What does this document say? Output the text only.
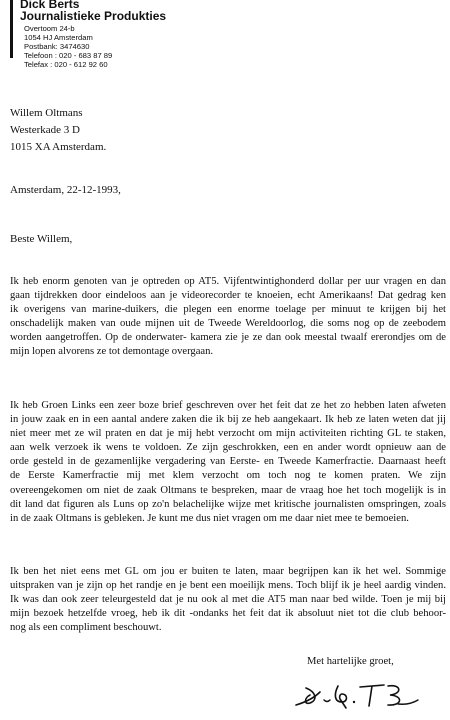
Dick Berts
Journalistieke Produkties
Overtoom 24-b
1054 HJ Amsterdam
Postbank: 3474630
Telefoon : 020 - 683 87 89
Telefax : 020 - 612 92 60
Willem Oltmans
Westerkade 3 D
1015 XA Amsterdam.
Amsterdam, 22-12-1993,
Beste Willem,
Ik heb enorm genoten van je optreden op AT5. Vijfentwintighonderd dollar per uur vragen en dan
gaan tijdrekken door eindeloos aan je videorecorder te knoeien, echt Amerikaans! Dat gedrag ken
ik overigens van marine-duikers, die plegen een enorme toelage per minuut te krijgen bij het
onschadelijk maken van oude mijnen uit de Tweede Wereldoorlog, die soms nog op de zeebodem
worden aangetroffen. Op de onderwater- kamera zie je ze dan ook meestal twaalf ererondjes om de
mijn lopen alvorens ze tot demontage overgaan.
Ik heb Groen Links een zeer boze brief geschreven over het feit dat ze het zo hebben laten afweten
in jouw zaak en in een aantal andere zaken die ik bij ze heb aangekaart. Ik heb ze laten weten dat jij
niet meer met ze wil praten en dat je mij hebt verzocht om mijn activiteiten richting GL te staken,
aan welk verzoek ik wens te voldoen. Ze zijn geschrokken, een en ander wordt opnieuw aan de
orde gesteld in de gezamenlijke vergadering van Eerste- en Tweede Kamerfractie. Daarnaast heeft
de Eerste Kamerfractie mij met klem verzocht om toch nog te komen praten. We zijn
overeengekomen om niet de zaak Oltmans te bespreken, maar de vraag hoe het toch mogelijk is in
dit land dat figuren als Luns op zo'n belachelijke wijze met kritische journalisten omspringen, zoals
in de zaak Oltmans is gebleken. Je kunt me dus niet vragen om me daar niet mee te bemoeien.
Ik ben het niet eens met GL om jou er buiten te laten, maar begrijpen kan ik het wel. Sommige
uitspraken van je zijn op het randje en je bent een moeilijk mens. Toch blijf ik je heel aardig vinden.
Ik was dan ook zeer teleurgesteld dat je nu ook al met die AT5 man naar bed wilde. Toen je mij bij
mijn bezoek hetzelfde vroeg, heb ik dit -ondanks het feit dat ik absoluut niet tot die club behoor-
nog als een compliment beschouwt.
Met hartelijke groet,
